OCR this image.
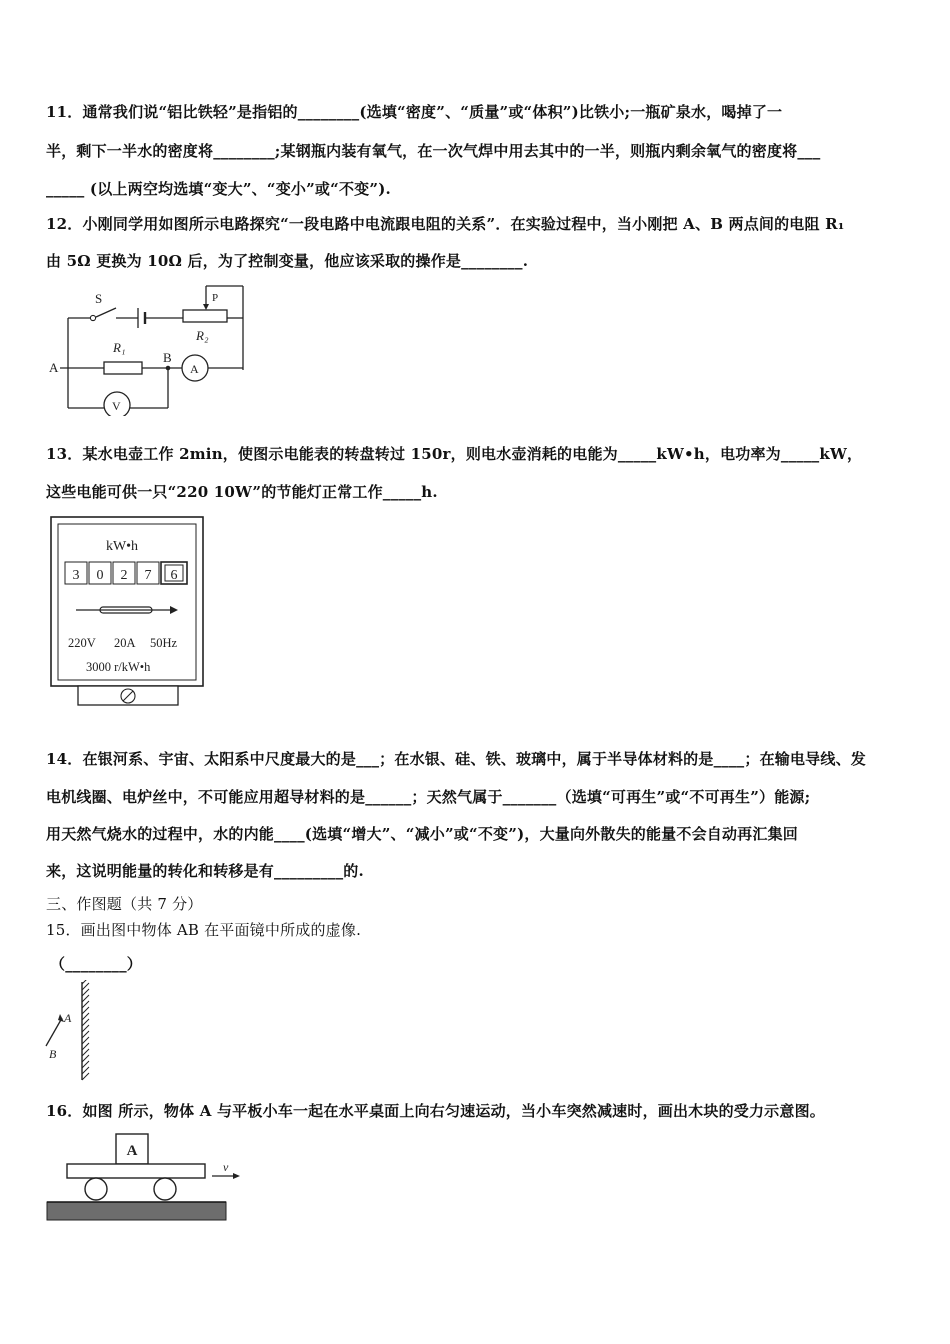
11．通常我们说“铝比铁轻”是指铝的________(选填“密度”、“质量”或“体积”)比铁小;一瓶矿泉水，喝掉了一
半，剩下一半水的密度将________;某钢瓶内装有氧气，在一次气焊中用去其中的一半，则瓶内剩余氧气的密度将___
_____ (以上两空均选填“变大”、“变小”或“不变”).
12．小刚同学用如图所示电路探究“一段电路中电流跟电阻的关系”．在实验过程中，当小刚把 A、B 两点间的电阻 R₁
由 5Ω 更换为 10Ω 后，为了控制变量，他应该采取的操作是________.
S	P
R₂
R₁
A
B
A
V
13．某水电壶工作 2min，使图示电能表的转盘转过 150r，则电水壶消耗的电能为_____kW•h，电功率为_____kW，
这些电能可供一只“220 10W”的节能灯正常工作_____h.
kW•h
3 0 2 7 6
220V 20A 50Hz
3000 r/kW•h
14．在银河系、宇宙、太阳系中尺度最大的是___；在水银、硅、铁、玻璃中，属于半导体材料的是____；在输电导线、发
电机线圈、电炉丝中，不可能应用超导材料的是______；天然气属于_______（选填“可再生”或“不可再生”）能源;
用天然气烧水的过程中，水的内能____(选填“增大”、“减小”或“不变”)，大量向外散失的能量不会自动再汇集回
来，这说明能量的转化和转移是有_________的.
三、作图题（共 7 分）
15．画出图中物体 AB 在平面镜中所成的虚像.
（________）
A
B
16．如图 所示，物体 A 与平板小车一起在水平桌面上向右匀速运动，当小车突然减速时，画出木块的受力示意图。
A
v
